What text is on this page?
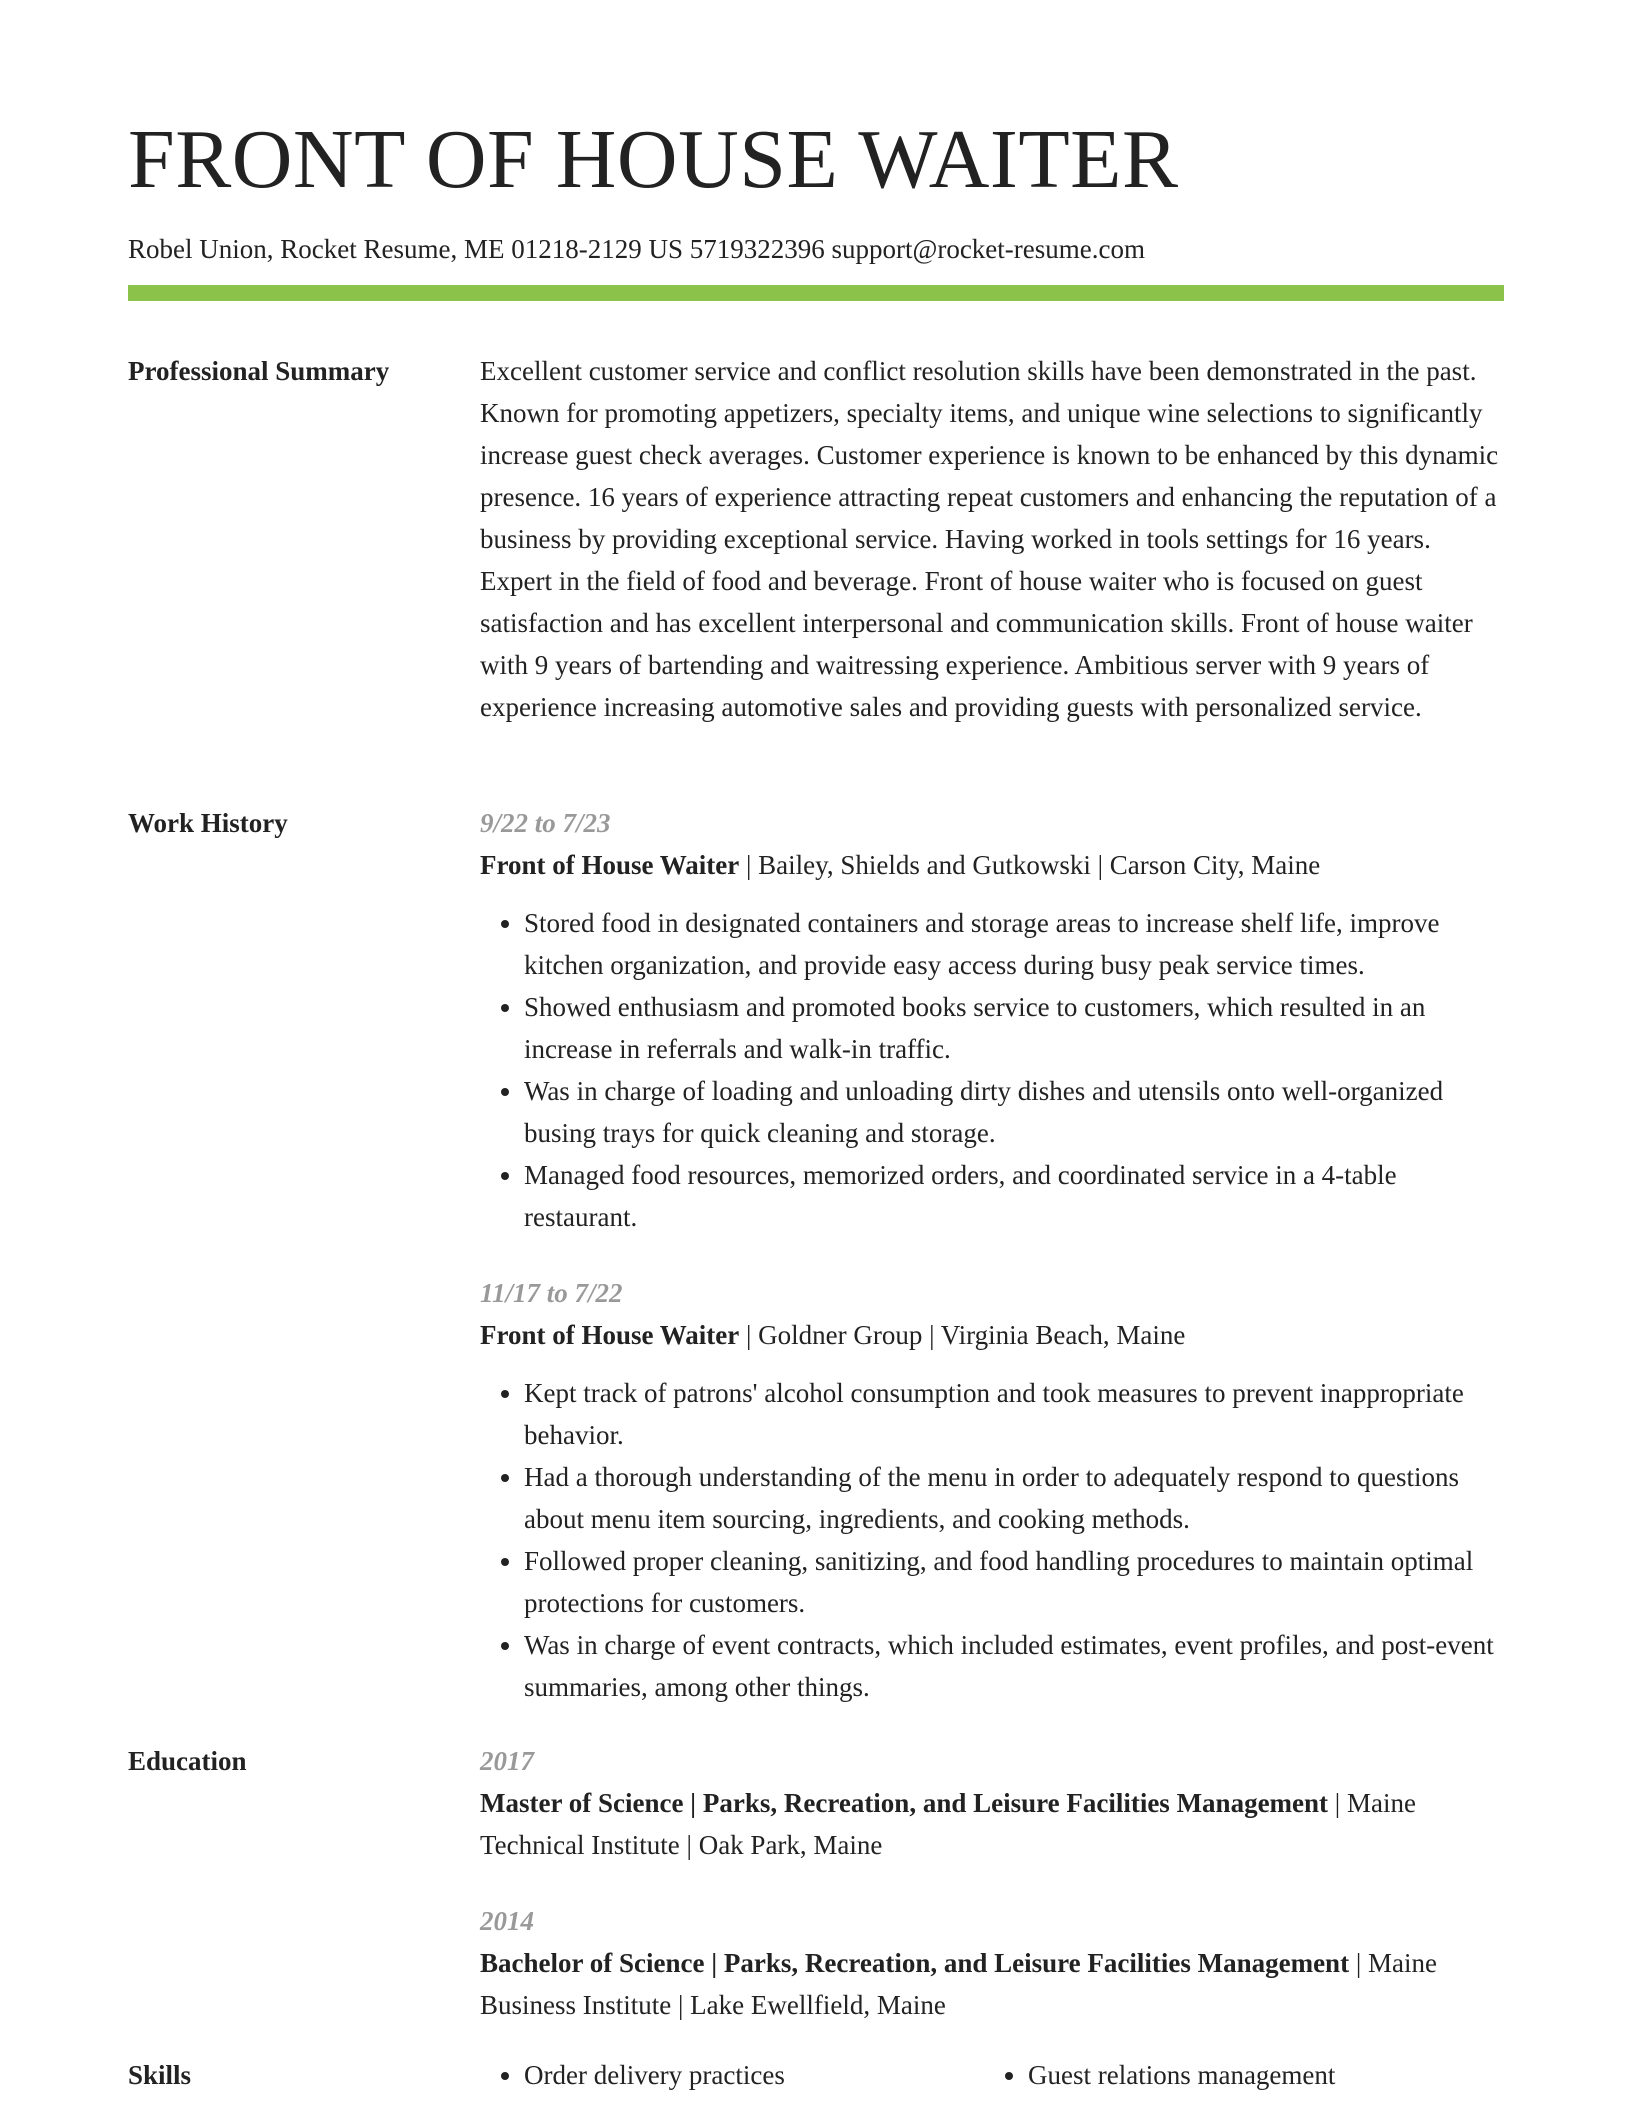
FRONT OF HOUSE WAITER
Robel Union, Rocket Resume, ME 01218-2129 US 5719322396 support@rocket-resume.com
Professional Summary	Excellent customer service and conflict resolution skills have been demonstrated in the past. Known for promoting appetizers, specialty items, and unique wine selections to significantly increase guest check averages. Customer experience is known to be enhanced by this dynamic presence. 16 years of experience attracting repeat customers and enhancing the reputation of a business by providing exceptional service. Having worked in tools settings for 16 years. Expert in the field of food and beverage. Front of house waiter who is focused on guest satisfaction and has excellent interpersonal and communication skills. Front of house waiter with 9 years of bartending and waitressing experience. Ambitious server with 9 years of experience increasing automotive sales and providing guests with personalized service.

Work History	9/22 to 7/23

Front of House Waiter | Bailey, Shields and Gutkowski | Carson City, Maine

• Stored food in designated containers and storage areas to increase shelf life, improve kitchen organization, and provide easy access during busy peak service times.
• Showed enthusiasm and promoted books service to customers, which resulted in an increase in referrals and walk-in traffic.
• Was in charge of loading and unloading dirty dishes and utensils onto well-organized busing trays for quick cleaning and storage.
• Managed food resources, memorized orders, and coordinated service in a 4-table restaurant.

11/17 to 7/22

Front of House Waiter | Goldner Group | Virginia Beach, Maine

• Kept track of patrons' alcohol consumption and took measures to prevent inappropriate behavior.
• Had a thorough understanding of the menu in order to adequately respond to questions about menu item sourcing, ingredients, and cooking methods.
• Followed proper cleaning, sanitizing, and food handling procedures to maintain optimal protections for customers.
• Was in charge of event contracts, which included estimates, event profiles, and post-event summaries, among other things.
Education	2017

Master of Science | Parks, Recreation, and Leisure Facilities Management | Maine Technical Institute | Oak Park, Maine

2014

Bachelor of Science | Parks, Recreation, and Leisure Facilities Management | Maine Business Institute | Lake Ewellfield, Maine

Skills	• Order delivery practices	• Guest relations management
